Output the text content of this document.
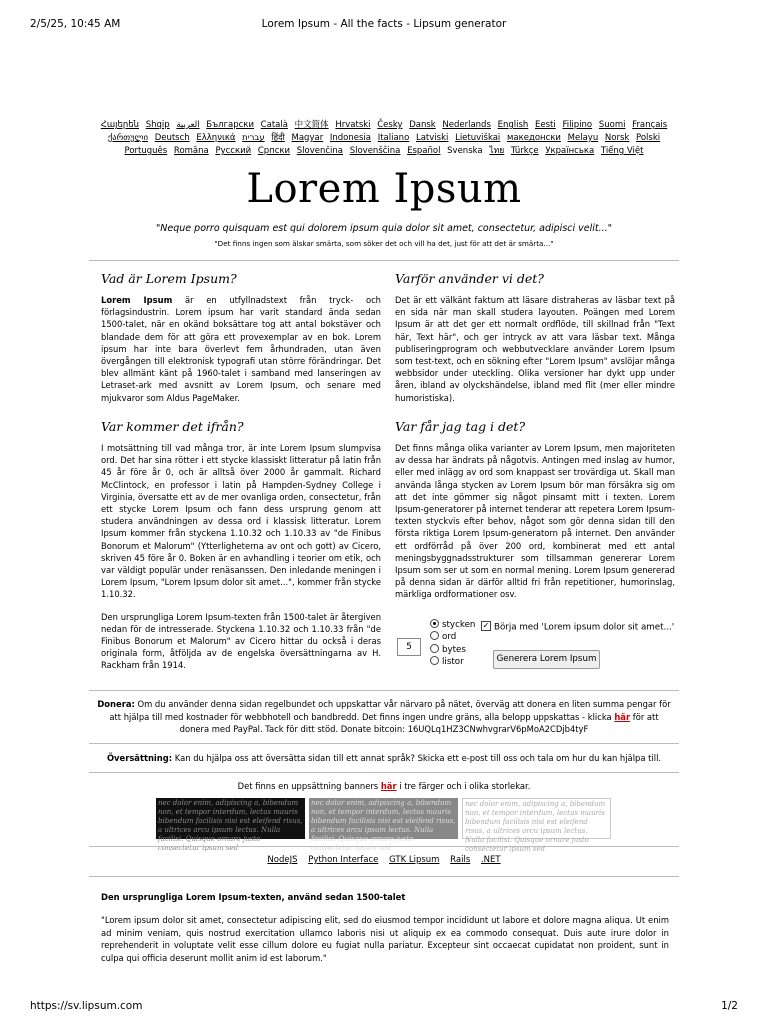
2/5/25, 10:45 AM	Lorem Ipsum - All the facts - Lipsum generator
Հայերեն Shqip العربية Български Català 中文简体 Hrvatski Česky Dansk Nederlands English Eesti Filipino Suomi Français ქართული Deutsch Ελληνικά עברית हिंदी Magyar Indonesia Italiano Latviski Lietuviškai македонски Melayu Norsk Polski Português Româna Pyccкий Српски Slovenčina Slovenščina Español Svenska ไทย Türkçe Українська Tiếng Việt
Lorem Ipsum
"Neque porro quisquam est qui dolorem ipsum quia dolor sit amet, consectetur, adipisci velit..."
"Det finns ingen som älskar smärta, som söker det och vill ha det, just för att det är smärta..."
Vad är Lorem Ipsum?

Lorem Ipsum är en utfyllnadstext från tryck- och förlagsindustrin. Lorem ipsum har varit standard ända sedan 1500-talet, när en okänd boksättare tog att antal bokstäver och blandade dem för att göra ett provexemplar av en bok. Lorem ipsum har inte bara överlevt fem århundraden, utan även övergången till elektronisk typografi utan större förändringar. Det blev allmänt känt på 1960-talet i samband med lanseringen av Letraset-ark med avsnitt av Lorem Ipsum, och senare med mjukvaror som Aldus PageMaker.

Var kommer det ifrån?

I motsättning till vad många tror, är inte Lorem Ipsum slumpvisa ord. Det har sina rötter i ett stycke klassiskt litteratur på latin från 45 år före år 0, och är alltså över 2000 år gammalt. Richard McClintock, en professor i latin på Hampden-Sydney College i Virginia, översatte ett av de mer ovanliga orden, consectetur, från ett stycke Lorem Ipsum och fann dess ursprung genom att studera användningen av dessa ord i klassisk litteratur. Lorem Ipsum kommer från styckena 1.10.32 och 1.10.33 av "de Finibus Bonorum et Malorum" (Ytterligheterna av ont och gott) av Cicero, skriven 45 före år 0. Boken är en avhandling i teorier om etik, och var väldigt populär under renäsanssen. Den inledande meningen i Lorem Ipsum, "Lorem Ipsum dolor sit amet...", kommer från stycke 1.10.32.

Den ursprungliga Lorem Ipsum-texten från 1500-talet är återgiven nedan för de intresserade. Styckena 1.10.32 och 1.10.33 från "de Finibus Bonorum et Malorum" av Cicero hittar du också i deras originala form, åtföljda av de engelska översättningarna av H. Rackham från 1914.

Varför använder vi det?

Det är ett välkänt faktum att läsare distraheras av läsbar text på en sida när man skall studera layouten. Poängen med Lorem Ipsum är att det ger ett normalt ordflöde, till skillnad från "Text här, Text här", och ger intryck av att vara läsbar text. Många publiseringprogram och webbutvecklare använder Lorem Ipsum som test-text, och en sökning efter "Lorem Ipsum" avslöjar många webbsidor under uteckling. Olika versioner har dykt upp under åren, ibland av olyckshändelse, ibland med flit (mer eller mindre humoristiska).

Var får jag tag i det?

Det finns många olika varianter av Lorem Ipsum, men majoriteten av dessa har ändrats på någotvis. Antingen med inslag av humor, eller med inlägg av ord som knappast ser trovärdiga ut. Skall man använda långa stycken av Lorem Ipsum bör man försäkra sig om att det inte gömmer sig något pinsamt mitt i texten. Lorem Ipsum-generatorer på internet tenderar att repetera Lorem Ipsum-texten styckvis efter behov, något som gör denna sidan till den första riktiga Lorem Ipsum-generatorn på internet. Den använder ett ordförråd på över 200 ord, kombinerat med ett antal meningsbyggnadsstrukturer som tillsamman genererar Lorem Ipsum som ser ut som en normal mening. Lorem Ipsum genererad på denna sidan är därför alltid fri från repetitioner, humorinslag, märkliga ordformationer osv.

5
stycken
ord
bytes
listor
✓ Börja med 'Lorem ipsum dolor sit amet...'
Generera Lorem Ipsum
Donera: Om du använder denna sidan regelbundet och uppskattar vår närvaro på nätet, överväg att donera en liten summa pengar för att hjälpa till med kostnader för webbhotell och bandbredd. Det finns ingen undre gräns, alla belopp uppskattas - klicka här för att donera med PayPal. Tack för ditt stöd. Donate bitcoin: 16UQLq1HZ3CNwhvgrarV6pMoA2CDjb4tyF
Översättning: Kan du hjälpa oss att översätta sidan till ett annat språk? Skicka ett e-post till oss och tala om hur du kan hjälpa till.
Det finns en uppsättning banners här i tre färger och i olika storlekar.
nec dolor enim, adipiscing a, bibendum non, et tempor interdum, lectus mauris bibendum facilisis nisi est eleifend risus, a ultrices arcu ipsum lectus. Nulla facilisi. Quisque ornare justo consectetur ipsum sed
nec dolor enim, adipiscing a, bibendum non, et tempor interdum, lectus mauris bibendum facilisis nisi est eleifend risus, a ultrices arcu ipsum lectus. Nulla facilisi. Quisque ornare justo consectetur ipsum sed
nec dolor enim, adipiscing a, bibendum non, et tempor interdum, lectus mauris bibendum facilisis nisi est eleifend risus, a ultrices arcu ipsum lectus. Nulla facilisi. Quisque ornare justo consectetur ipsum sed
NodeJS Python Interface GTK Lipsum Rails .NET
Den ursprungliga Lorem Ipsum-texten, använd sedan 1500-talet
"Lorem ipsum dolor sit amet, consectetur adipiscing elit, sed do eiusmod tempor incididunt ut labore et dolore magna aliqua. Ut enim ad minim veniam, quis nostrud exercitation ullamco laboris nisi ut aliquip ex ea commodo consequat. Duis aute irure dolor in reprehenderit in voluptate velit esse cillum dolore eu fugiat nulla pariatur. Excepteur sint occaecat cupidatat non proident, sunt in culpa qui officia deserunt mollit anim id est laborum."
https://sv.lipsum.com	1/2
